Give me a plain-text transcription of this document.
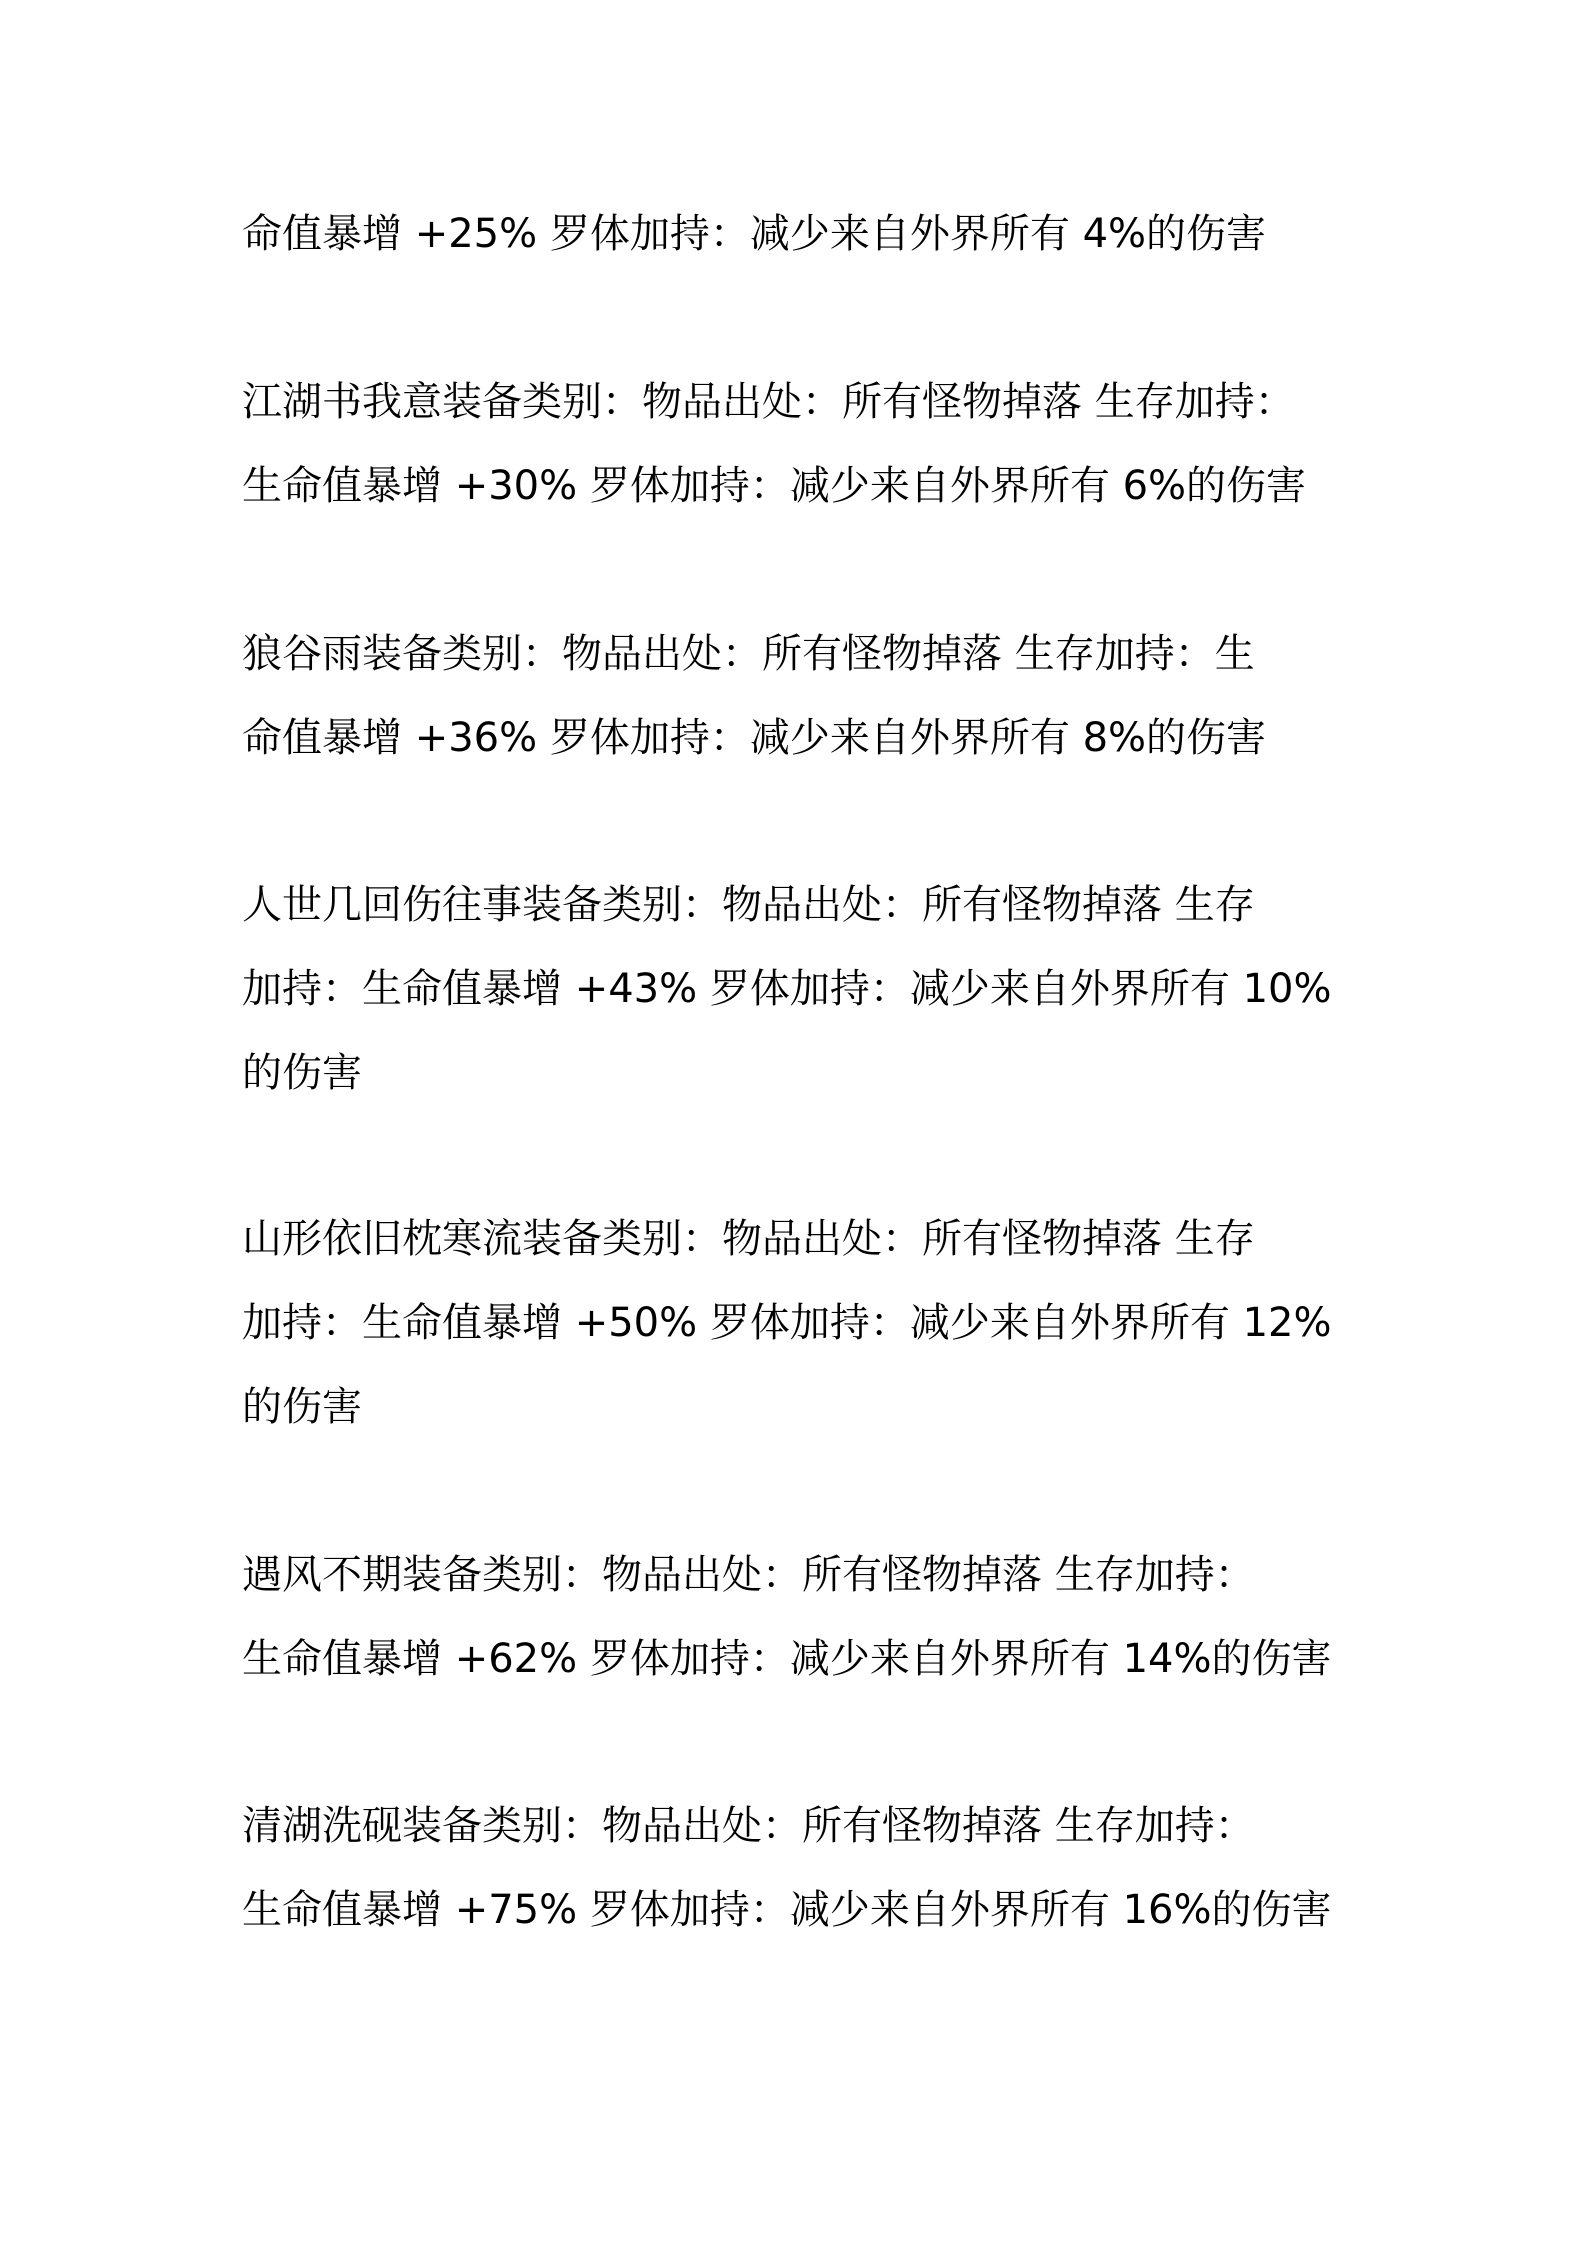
命值暴增 +25% 罗体加持：减少来自外界所有 4%的伤害
江湖书我意装备类别：物品出处：所有怪物掉落 生存加持：
生命值暴增 +30% 罗体加持：减少来自外界所有 6%的伤害
狼谷雨装备类别：物品出处：所有怪物掉落 生存加持：生
命值暴增 +36% 罗体加持：减少来自外界所有 8%的伤害
人世几回伤往事装备类别：物品出处：所有怪物掉落 生存
加持：生命值暴增 +43% 罗体加持：减少来自外界所有 10%
的伤害
山形依旧枕寒流装备类别：物品出处：所有怪物掉落 生存
加持：生命值暴增 +50% 罗体加持：减少来自外界所有 12%
的伤害
遇风不期装备类别：物品出处：所有怪物掉落 生存加持：
生命值暴增 +62% 罗体加持：减少来自外界所有 14%的伤害
清湖洗砚装备类别：物品出处：所有怪物掉落 生存加持：
生命值暴增 +75% 罗体加持：减少来自外界所有 16%的伤害
